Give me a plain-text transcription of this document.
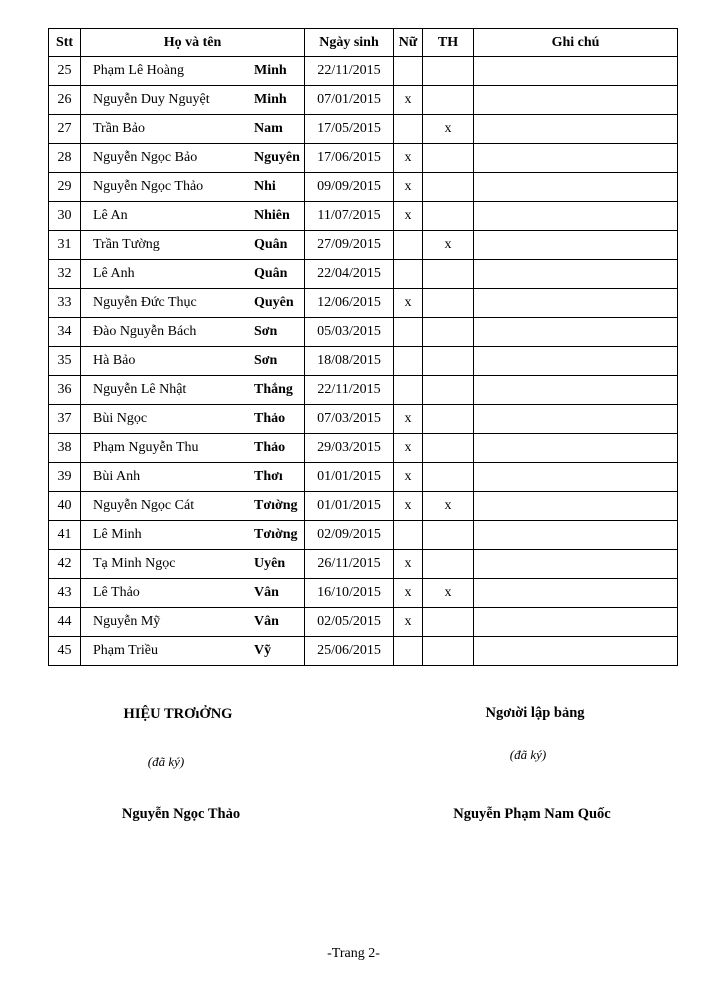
Stt	Họ và tên	Ngày sinh	Nữ	TH	Ghi chú
25	Phạm Lê Hoàng Minh	22/11/2015			
26	Nguyễn Duy Nguyệt Minh	07/01/2015	x		
27	Trần Bảo Nam	17/05/2015		x	
28	Nguyễn Ngọc Bảo Nguyên	17/06/2015	x		
29	Nguyễn Ngọc Thảo Nhi	09/09/2015	x		
30	Lê An Nhiên	11/07/2015	x		
31	Trần Tường Quân	27/09/2015		x	
32	Lê Anh Quân	22/04/2015			
33	Nguyễn Đức Thục Quyên	12/06/2015	x		
34	Đào Nguyễn Bách Sơn	05/03/2015			
35	Hà Bảo Sơn	18/08/2015			
36	Nguyễn Lê Nhật Thắng	22/11/2015			
37	Bùi Ngọc Thảo	07/03/2015	x		
38	Phạm Nguyễn Thu Thảo	29/03/2015	x		
39	Bùi Anh Thơı	01/01/2015	x		
40	Nguyễn Ngọc Cát Tơıờng	01/01/2015	x	x	
41	Lê Minh Tơıờng	02/09/2015			
42	Tạ Minh Ngọc Uyên	26/11/2015	x		
43	Lê Thảo Vân	16/10/2015	x	x	
44	Nguyễn Mỹ Vân	02/05/2015	x		
45	Phạm Triều Vỹ	25/06/2015			
HIỆU TRƠıỞNG
(đã ký)
Nguyễn Ngọc Thảo
Ngơıời lập bảng
(đã ký)
Nguyễn Phạm Nam Quốc
-Trang 2-
